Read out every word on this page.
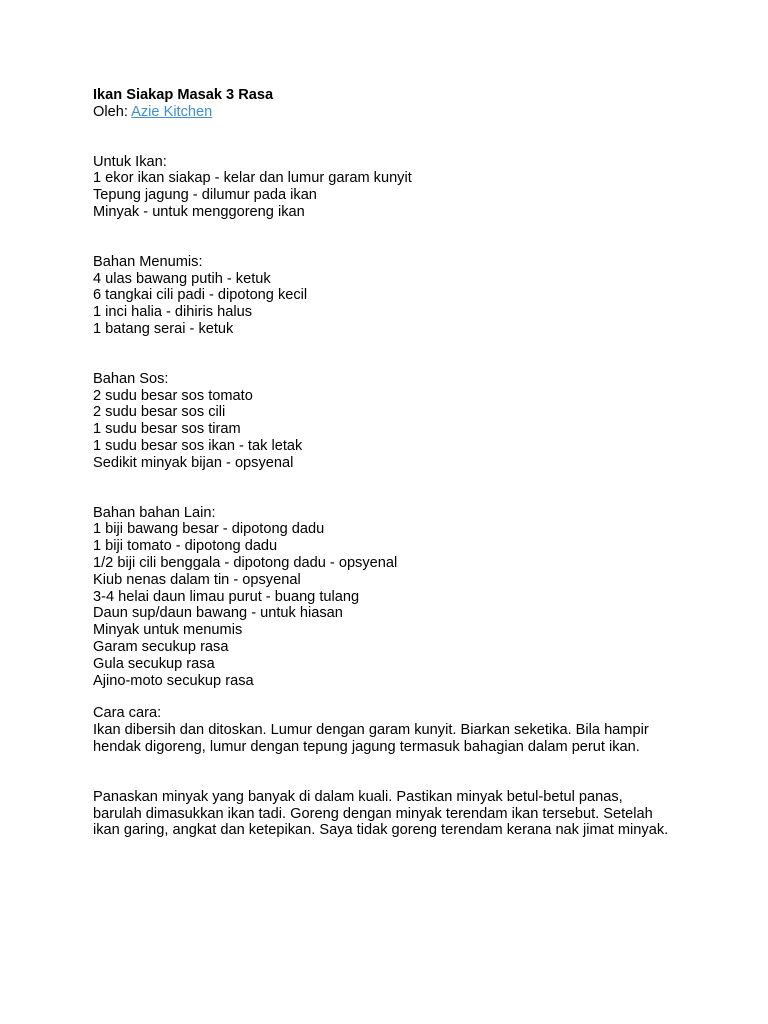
Ikan Siakap Masak 3 Rasa
Oleh: Azie Kitchen
Untuk Ikan:
1 ekor ikan siakap - kelar dan lumur garam kunyit
Tepung jagung - dilumur pada ikan
Minyak - untuk menggoreng ikan
Bahan Menumis:
4 ulas bawang putih - ketuk
6 tangkai cili padi - dipotong kecil
1 inci halia - dihiris halus
1 batang serai - ketuk
Bahan Sos:
2 sudu besar sos tomato
2 sudu besar sos cili
1 sudu besar sos tiram
1 sudu besar sos ikan - tak letak
Sedikit minyak bijan - opsyenal
Bahan bahan Lain:
1 biji bawang besar - dipotong dadu
1 biji tomato - dipotong dadu
1/2 biji cili benggala - dipotong dadu - opsyenal
Kiub nenas dalam tin - opsyenal
3-4 helai daun limau purut - buang tulang
Daun sup/daun bawang - untuk hiasan
Minyak untuk menumis
Garam secukup rasa
Gula secukup rasa
Ajino-moto secukup rasa
Cara cara:
Ikan dibersih dan ditoskan. Lumur dengan garam kunyit. Biarkan seketika. Bila hampir hendak digoreng, lumur dengan tepung jagung termasuk bahagian dalam perut ikan.
Panaskan minyak yang banyak di dalam kuali. Pastikan minyak betul-betul panas, barulah dimasukkan ikan tadi. Goreng dengan minyak terendam ikan tersebut. Setelah ikan garing, angkat dan ketepikan. Saya tidak goreng terendam kerana nak jimat minyak.
